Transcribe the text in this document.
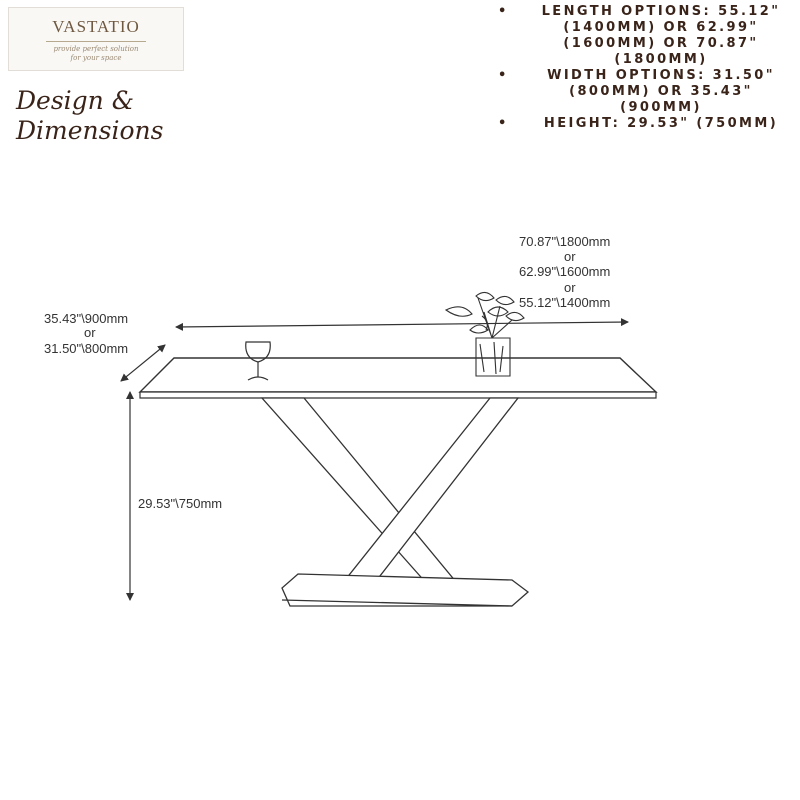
VASTATIO
provide perfect solution
for your space
Design &
Dimensions
•	LENGTH OPTIONS: 55.12" (1400MM) OR 62.99" (1600MM) OR 70.87" (1800MM)
•	WIDTH OPTIONS: 31.50" (800MM) OR 35.43" (900MM)
•	HEIGHT: 29.53" (750MM)
70.87"\1800mm
or
62.99"\1600mm
or
55.12"\1400mm
35.43"\900mm
or
31.50"\800mm
29.53"\750mm
